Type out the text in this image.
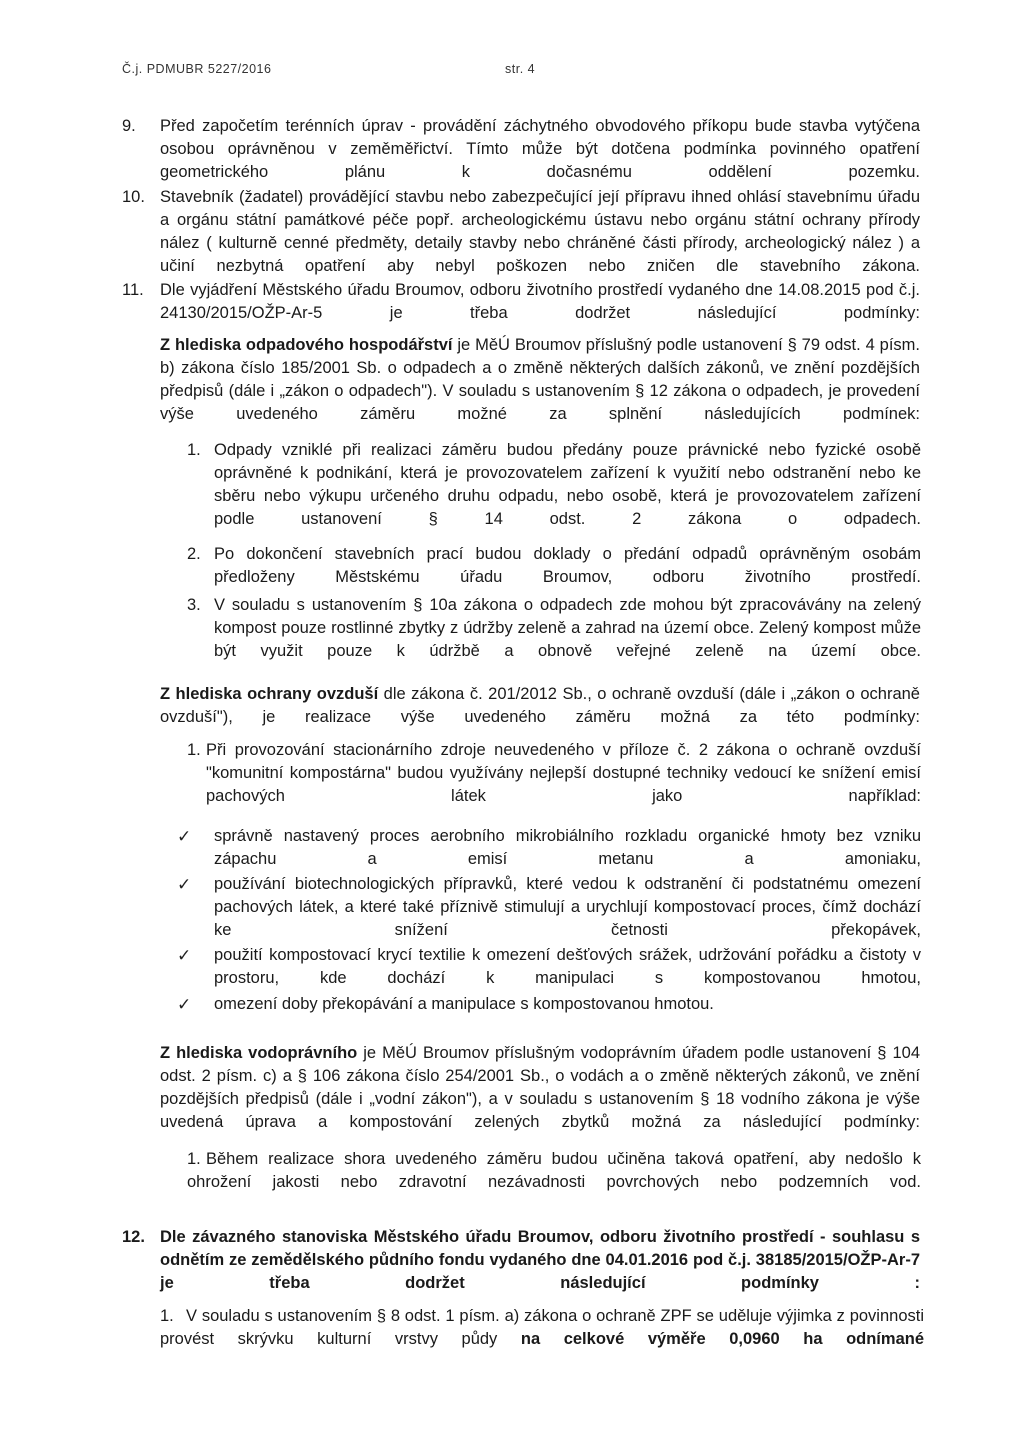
Č.j. PDMUBR 5227/2016	str. 4
9. Před započetím terénních úprav - provádění záchytného obvodového příkopu bude stavba vytýčena osobou oprávněnou v zeměměřictví. Tímto může být dotčena podmínka povinného opatření geometrického plánu k dočasnému oddělení pozemku.

10. Stavebník (žadatel) provádějící stavbu nebo zabezpečující její přípravu ihned ohlásí stavebnímu úřadu a orgánu státní památkové péče popř. archeologickému ústavu nebo orgánu státní ochrany přírody nález ( kulturně cenné předměty, detaily stavby nebo chráněné části přírody, archeologický nález ) a učiní nezbytná opatření aby nebyl poškozen nebo zničen dle stavebního zákona.

11. Dle vyjádření Městského úřadu Broumov, odboru životního prostředí vydaného dne 14.08.2015 pod č.j. 24130/2015/OŽP-Ar-5 je třeba dodržet následující podmínky:

Z hlediska odpadového hospodářství je MěÚ Broumov příslušný podle ustanovení § 79 odst. 4 písm. b) zákona číslo 185/2001 Sb. o odpadech a o změně některých dalších zákonů, ve znění pozdějších předpisů (dále i „zákon o odpadech"). V souladu s ustanovením § 12 zákona o odpadech, je provedení výše uvedeného záměru možné za splnění následujících podmínek:

1. Odpady vzniklé při realizaci záměru budou předány pouze právnické nebo fyzické osobě oprávněné k podnikání, která je provozovatelem zařízení k využití nebo odstranění nebo ke sběru nebo výkupu určeného druhu odpadu, nebo osobě, která je provozovatelem zařízení podle ustanovení § 14 odst. 2 zákona o odpadech.

2. Po dokončení stavebních prací budou doklady o předání odpadů oprávněným osobám předloženy Městskému úřadu Broumov, odboru životního prostředí.

3. V souladu s ustanovením § 10a zákona o odpadech zde mohou být zpracovávány na zelený kompost pouze rostlinné zbytky z údržby zeleně a zahrad na území obce. Zelený kompost může být využit pouze k údržbě a obnově veřejné zeleně na území obce.

Z hlediska ochrany ovzduší dle zákona č. 201/2012 Sb., o ochraně ovzduší (dále i „zákon o ochraně ovzduší"), je realizace výše uvedeného záměru možná za této podmínky:

1. Při provozování stacionárního zdroje neuvedeného v příloze č. 2 zákona o ochraně ovzduší "komunitní kompostárna" budou využívány nejlepší dostupné techniky vedoucí ke snížení emisí pachových látek jako například:

✓ správně nastavený proces aerobního mikrobiálního rozkladu organické hmoty bez vzniku zápachu a emisí metanu a amoniaku,

✓ používání biotechnologických přípravků, které vedou k odstranění či podstatnému omezení pachových látek, a které také příznivě stimulují a urychlují kompostovací proces, čímž dochází ke snížení četnosti překopávek,

✓ použití kompostovací krycí textilie k omezení dešťových srážek, udržování pořádku a čistoty v prostoru, kde dochází k manipulaci s kompostovanou hmotou,

✓ omezení doby překopávání a manipulace s kompostovanou hmotou.

Z hlediska vodoprávního je MěÚ Broumov příslušným vodoprávním úřadem podle ustanovení § 104 odst. 2 písm. c) a § 106 zákona číslo 254/2001 Sb., o vodách a o změně některých zákonů, ve znění pozdějších předpisů (dále i „vodní zákon"), a v souladu s ustanovením § 18 vodního zákona je výše uvedená úprava a kompostování zelených zbytků možná za následující podmínky:

1. Během realizace shora uvedeného záměru budou učiněna taková opatření, aby nedošlo k ohrožení jakosti nebo zdravotní nezávadnosti povrchových nebo podzemních vod.

12. Dle závazného stanoviska Městského úřadu Broumov, odboru životního prostředí - souhlasu s odnětím ze zemědělského půdního fondu vydaného dne 04.01.2016 pod č.j. 38185/2015/OŽP-Ar-7 je třeba dodržet následující podmínky :

1. V souladu s ustanovením § 8 odst. 1 písm. a) zákona o ochraně ZPF se uděluje výjimka z povinnosti provést skrývku kulturní vrstvy půdy na celkové výměře 0,0960 ha odnímané
